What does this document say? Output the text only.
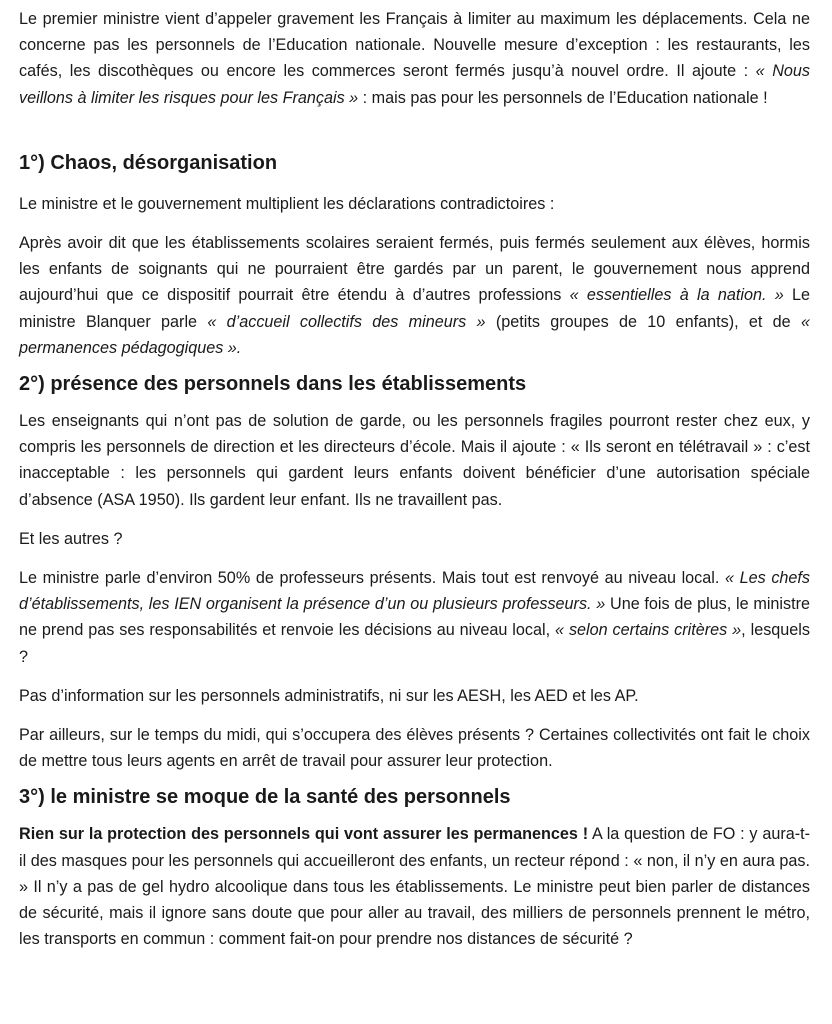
Le premier ministre vient d’appeler gravement les Français à limiter au maximum les déplacements. Cela ne concerne pas les personnels de l’Education nationale. Nouvelle mesure d’exception : les restaurants, les cafés, les discothèques ou encore les commerces seront fermés jusqu’à nouvel ordre. Il ajoute : « Nous veillons à limiter les risques pour les Français » : mais pas pour les personnels de l’Education nationale !

1°) Chaos, désorganisation

Le ministre et le gouvernement multiplient les déclarations contradictoires :

Après avoir dit que les établissements scolaires seraient fermés, puis fermés seulement aux élèves, hormis les enfants de soignants qui ne pourraient être gardés par un parent, le gouvernement nous apprend aujourd’hui que ce dispositif pourrait être étendu à d’autres professions « essentielles à la nation. » Le ministre Blanquer parle « d’accueil collectifs des mineurs » (petits groupes de 10 enfants), et de « permanences pédagogiques ».

2°) présence des personnels dans les établissements

Les enseignants qui n’ont pas de solution de garde, ou les personnels fragiles pourront rester chez eux, y compris les personnels de direction et les directeurs d’école. Mais il ajoute : « Ils seront en télétravail » : c’est inacceptable : les personnels qui gardent leurs enfants doivent bénéficier d’une autorisation spéciale d’absence (ASA 1950). Ils gardent leur enfant. Ils ne travaillent pas.

Et les autres ?

Le ministre parle d’environ 50% de professeurs présents. Mais tout est renvoyé au niveau local. « Les chefs d’établissements, les IEN organisent la présence d’un ou plusieurs professeurs. » Une fois de plus, le ministre ne prend pas ses responsabilités et renvoie les décisions au niveau local, « selon certains critères », lesquels ?

Pas d’information sur les personnels administratifs, ni sur les AESH, les AED et les AP.

Par ailleurs, sur le temps du midi, qui s’occupera des élèves présents ? Certaines collectivités ont fait le choix de mettre tous leurs agents en arrêt de travail pour assurer leur protection.

3°) le ministre se moque de la santé des personnels

Rien sur la protection des personnels qui vont assurer les permanences ! A la question de FO : y aura-t-il des masques pour les personnels qui accueilleront des enfants, un recteur répond : « non, il n’y en aura pas. » Il n’y a pas de gel hydro alcoolique dans tous les établissements. Le ministre peut bien parler de distances de sécurité, mais il ignore sans doute que pour aller au travail, des milliers de personnels prennent le métro, les transports en commun : comment fait-on pour prendre nos distances de sécurité ?
